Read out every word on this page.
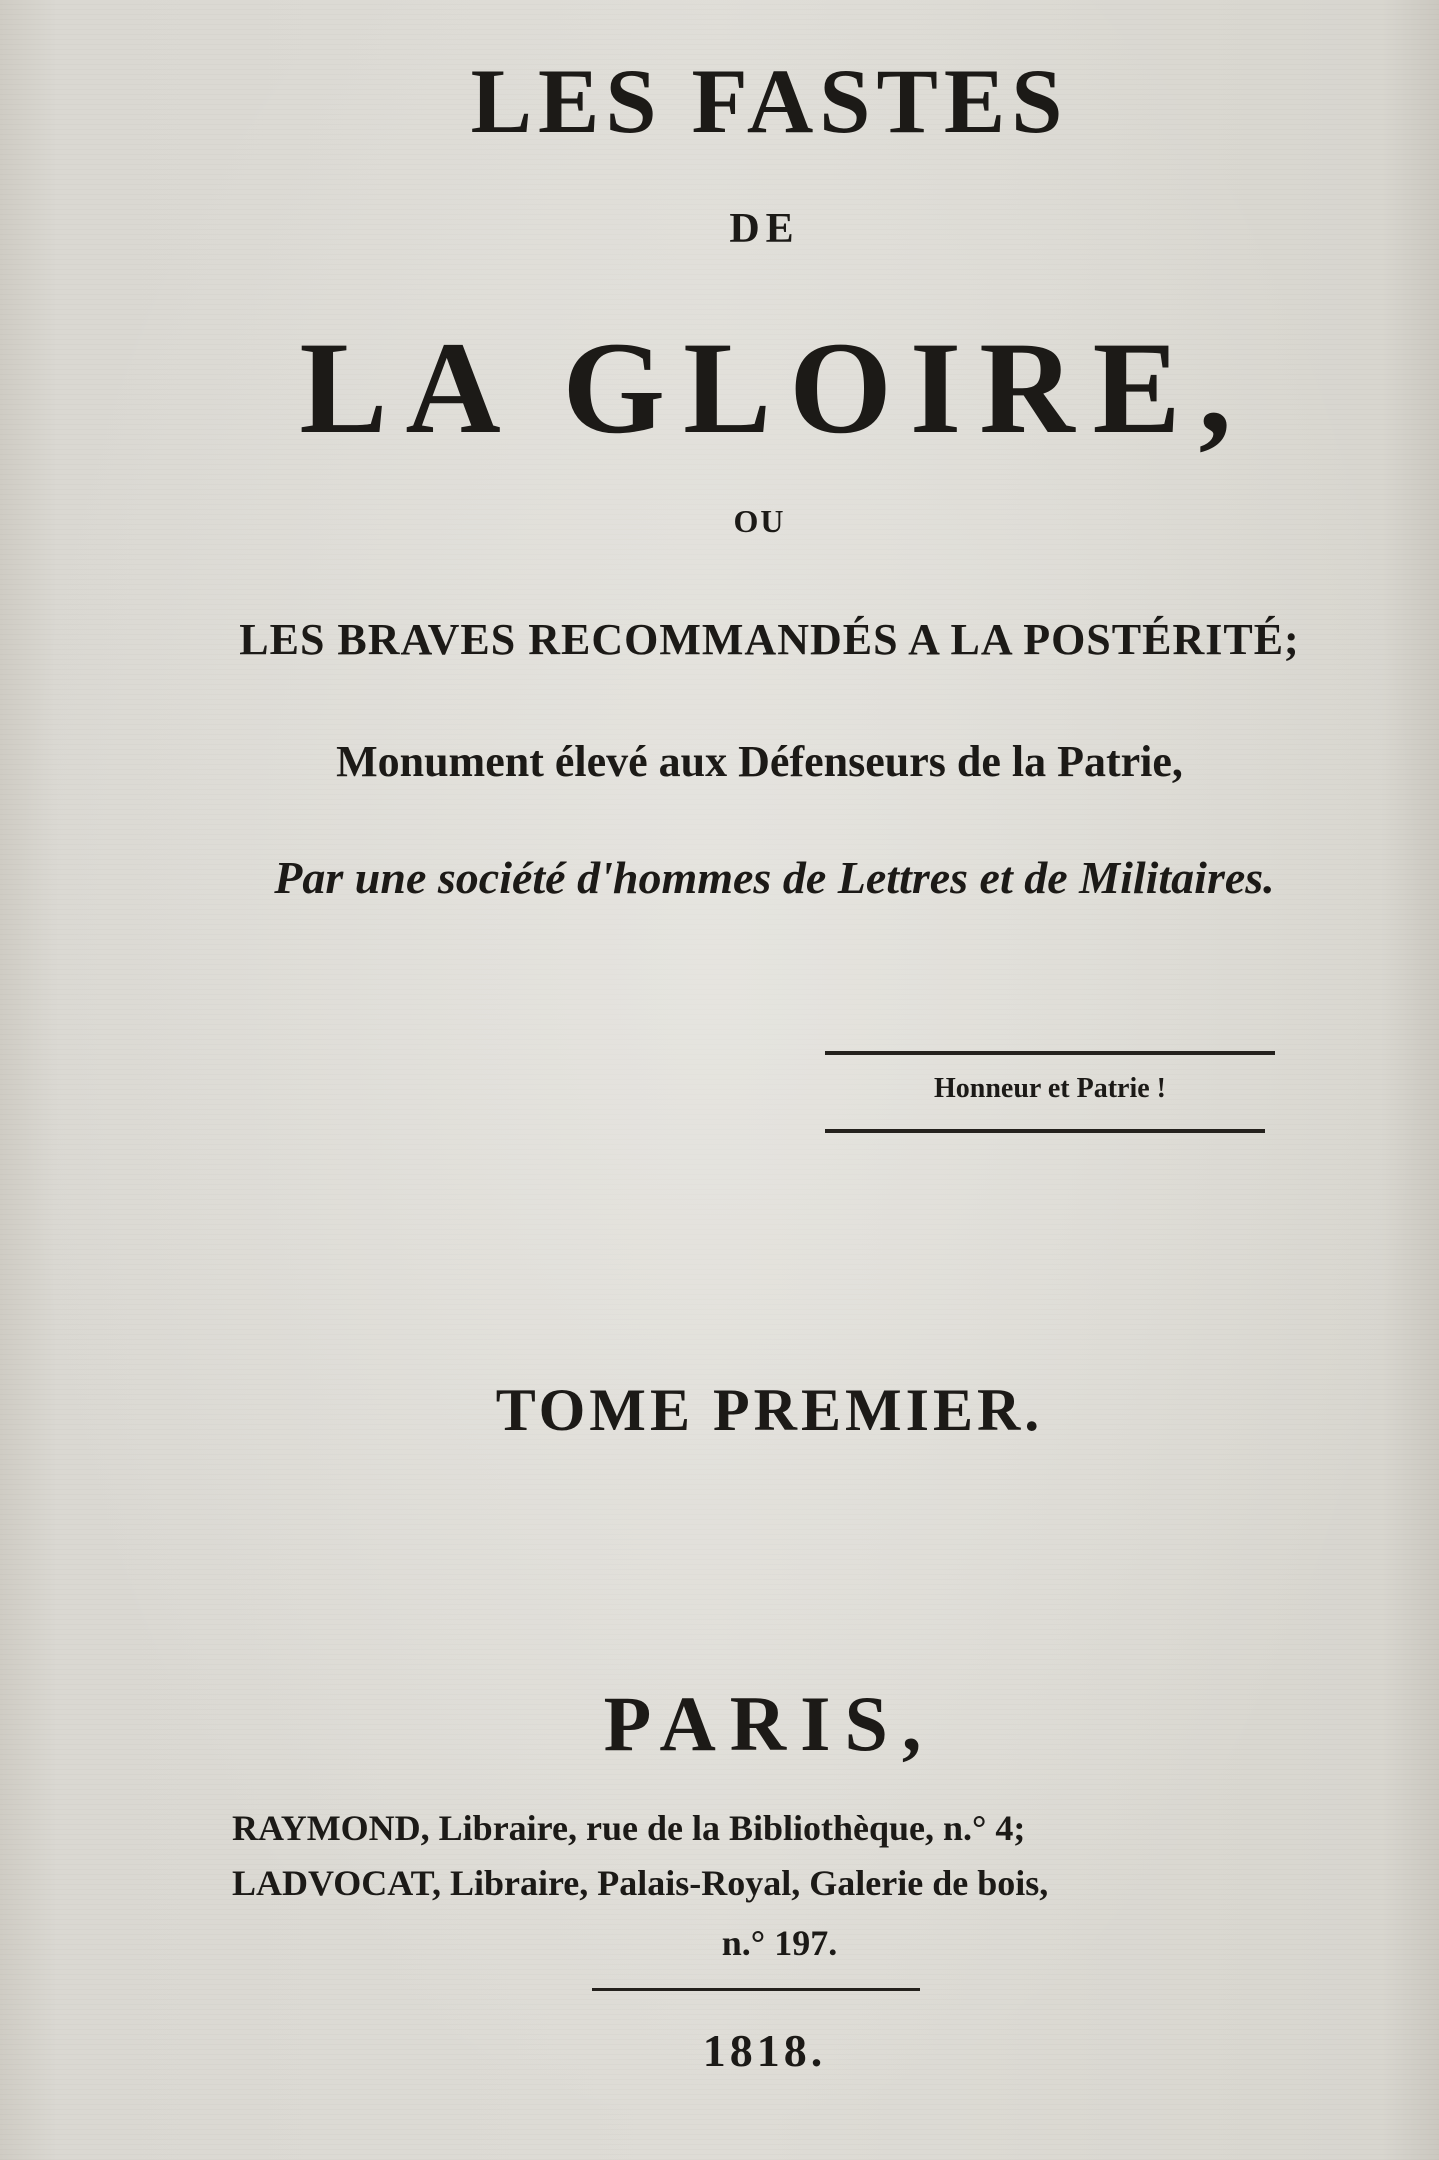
LES FASTES
DE
LA GLOIRE,
OU
LES BRAVES RECOMMANDÉS A LA POSTÉRITÉ;
Monument élevé aux Défenseurs de la Patrie,
Par une société d'hommes de Lettres et de Militaires.
Honneur et Patrie !
TOME PREMIER.
PARIS,
RAYMOND, Libraire, rue de la Bibliothèque, n.° 4;
LADVOCAT, Libraire, Palais-Royal, Galerie de bois,
n.° 197.
1818.
